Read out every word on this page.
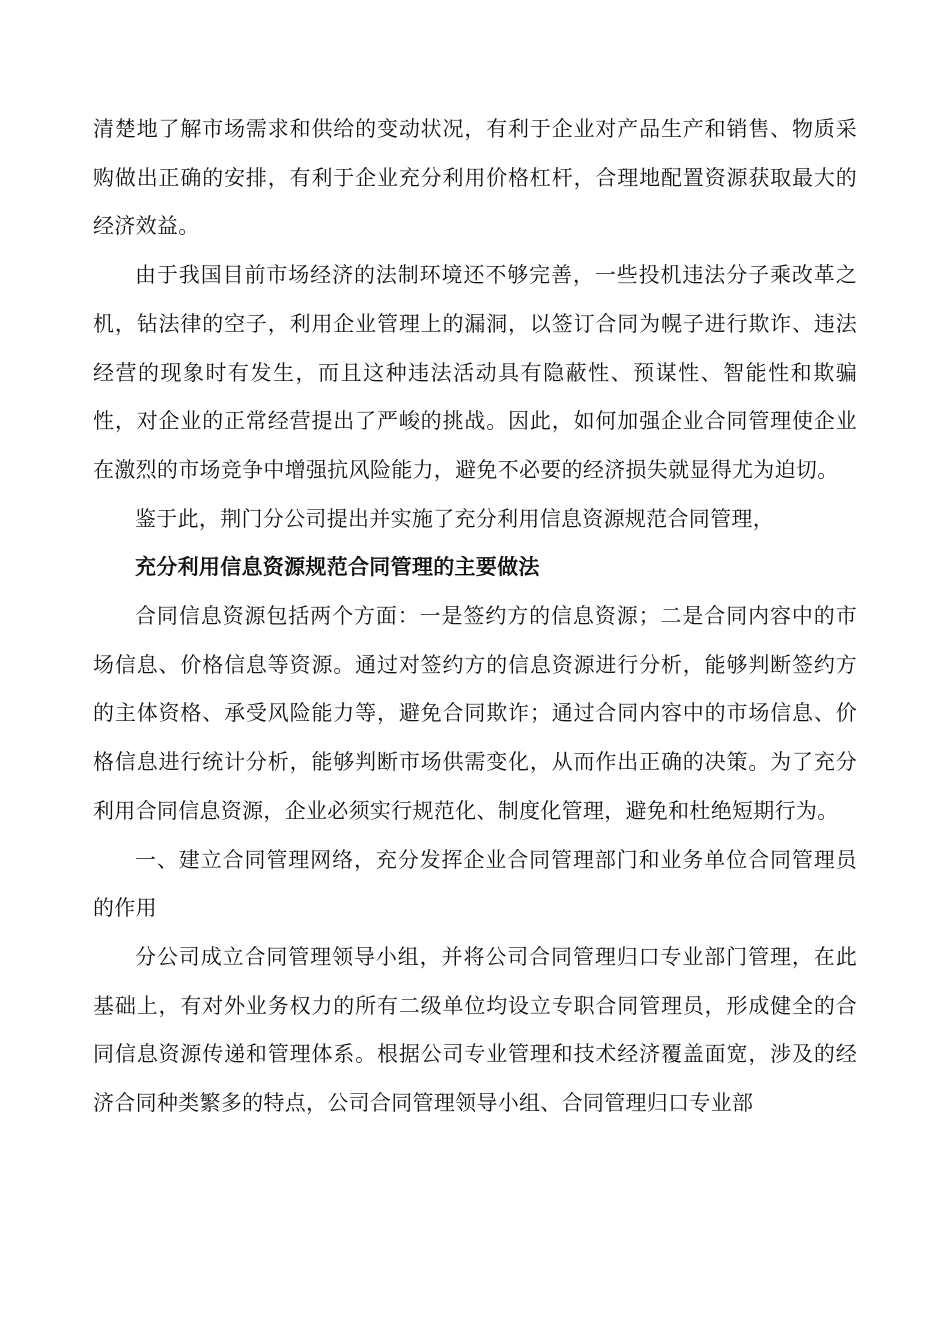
清楚地了解市场需求和供给的变动状况，有利于企业对产品生产和销售、物质采购做出正确的安排，有利于企业充分利用价格杠杆，合理地配置资源获取最大的经济效益。

由于我国目前市场经济的法制环境还不够完善，一些投机违法分子乘改革之机，钻法律的空子，利用企业管理上的漏洞，以签订合同为幌子进行欺诈、违法经营的现象时有发生，而且这种违法活动具有隐蔽性、预谋性、智能性和欺骗性，对企业的正常经营提出了严峻的挑战。因此，如何加强企业合同管理使企业在激烈的市场竞争中增强抗风险能力，避免不必要的经济损失就显得尤为迫切。

鉴于此，荆门分公司提出并实施了充分利用信息资源规范合同管理，

充分利用信息资源规范合同管理的主要做法

合同信息资源包括两个方面：一是签约方的信息资源；二是合同内容中的市场信息、价格信息等资源。通过对签约方的信息资源进行分析，能够判断签约方的主体资格、承受风险能力等，避免合同欺诈；通过合同内容中的市场信息、价格信息进行统计分析，能够判断市场供需变化，从而作出正确的决策。为了充分利用合同信息资源，企业必须实行规范化、制度化管理，避免和杜绝短期行为。

一、建立合同管理网络，充分发挥企业合同管理部门和业务单位合同管理员的作用

分公司成立合同管理领导小组，并将公司合同管理归口专业部门管理，在此基础上，有对外业务权力的所有二级单位均设立专职合同管理员，形成健全的合同信息资源传递和管理体系。根据公司专业管理和技术经济覆盖面宽，涉及的经济合同种类繁多的特点，公司合同管理领导小组、合同管理归口专业部
